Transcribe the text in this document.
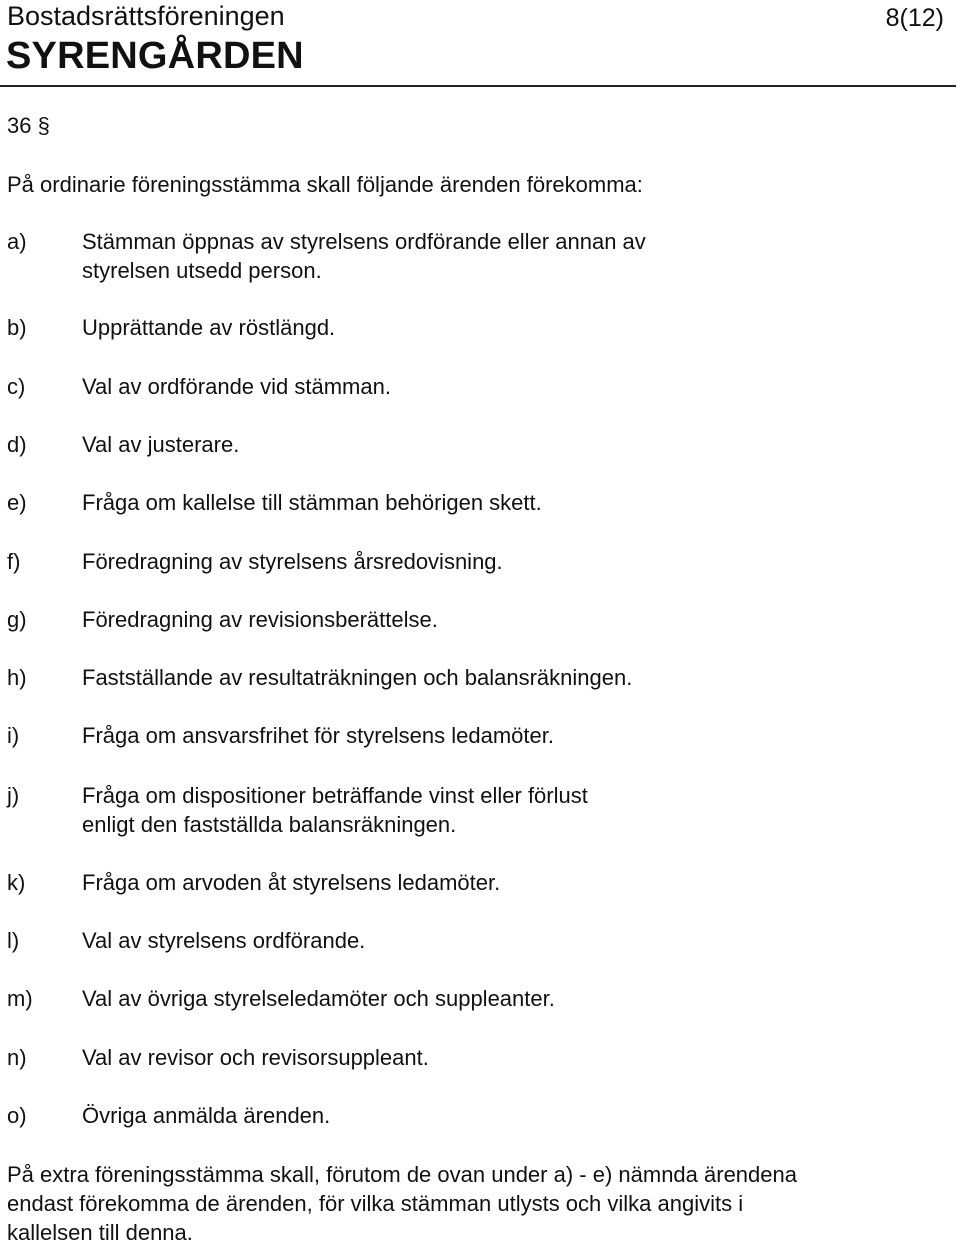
Bostadsrättsföreningen	8(12)
SYRENGÅRDEN
36 §

På ordinarie föreningsstämma skall följande ärenden förekomma:

a)	Stämman öppnas av styrelsens ordförande eller annan av
styrelsen utsedd person.
b)	Upprättande av röstlängd.
c)	Val av ordförande vid stämman.
d)	Val av justerare.
e)	Fråga om kallelse till stämman behörigen skett.
f)	Föredragning av styrelsens årsredovisning.
g)	Föredragning av revisionsberättelse.
h)	Fastställande av resultaträkningen och balansräkningen.
i)	Fråga om ansvarsfrihet för styrelsens ledamöter.
j)	Fråga om dispositioner beträffande vinst eller förlust
enligt den fastställda balansräkningen.
k)	Fråga om arvoden åt styrelsens ledamöter.
l)	Val av styrelsens ordförande.
m) Val av övriga styrelseledamöter och suppleanter.
n)	Val av revisor och revisorsuppleant.
o)	Övriga anmälda ärenden.

På extra föreningsstämma skall, förutom de ovan under a) - e) nämnda ärendena
endast förekomma de ärenden, för vilka stämman utlysts och vilka angivits i
kallelsen till denna.
